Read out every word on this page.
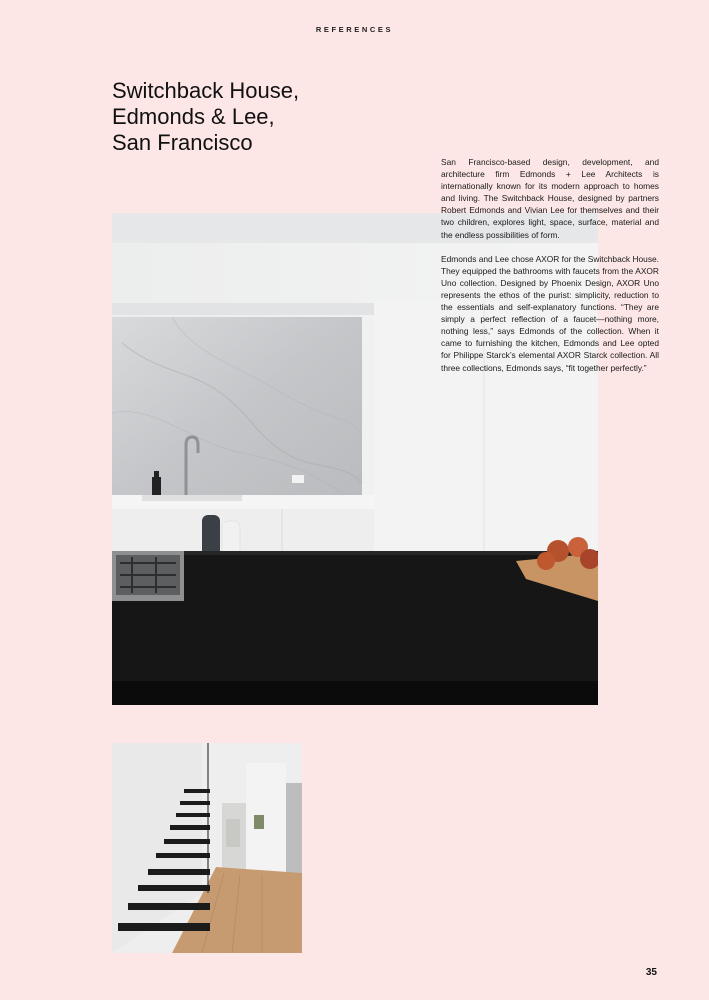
REFERENCES
Switchback House,
Edmonds & Lee,
San Francisco

San Francisco-based design, development, and architecture firm Edmonds + Lee Architects is internationally known for its modern approach to homes and living. The Switchback House, designed by partners Robert Edmonds and Vivian Lee for themselves and their two children, explores light, space, surface, material and the endless possibilities of form.

Edmonds and Lee chose AXOR for the Switchback House. They equipped the bathrooms with faucets from the AXOR Uno collection. Designed by Phoenix Design, AXOR Uno represents the ethos of the purist: simplicity, reduction to the essentials and self-explanatory functions. “They are simply a perfect reflection of a faucet—nothing more, nothing less,” says Edmonds of the collection. When it came to furnishing the kitchen, Edmonds and Lee opted for Philippe Starck’s elemental AXOR Starck collection. All three collections, Edmonds says, “fit together perfectly.”

35
